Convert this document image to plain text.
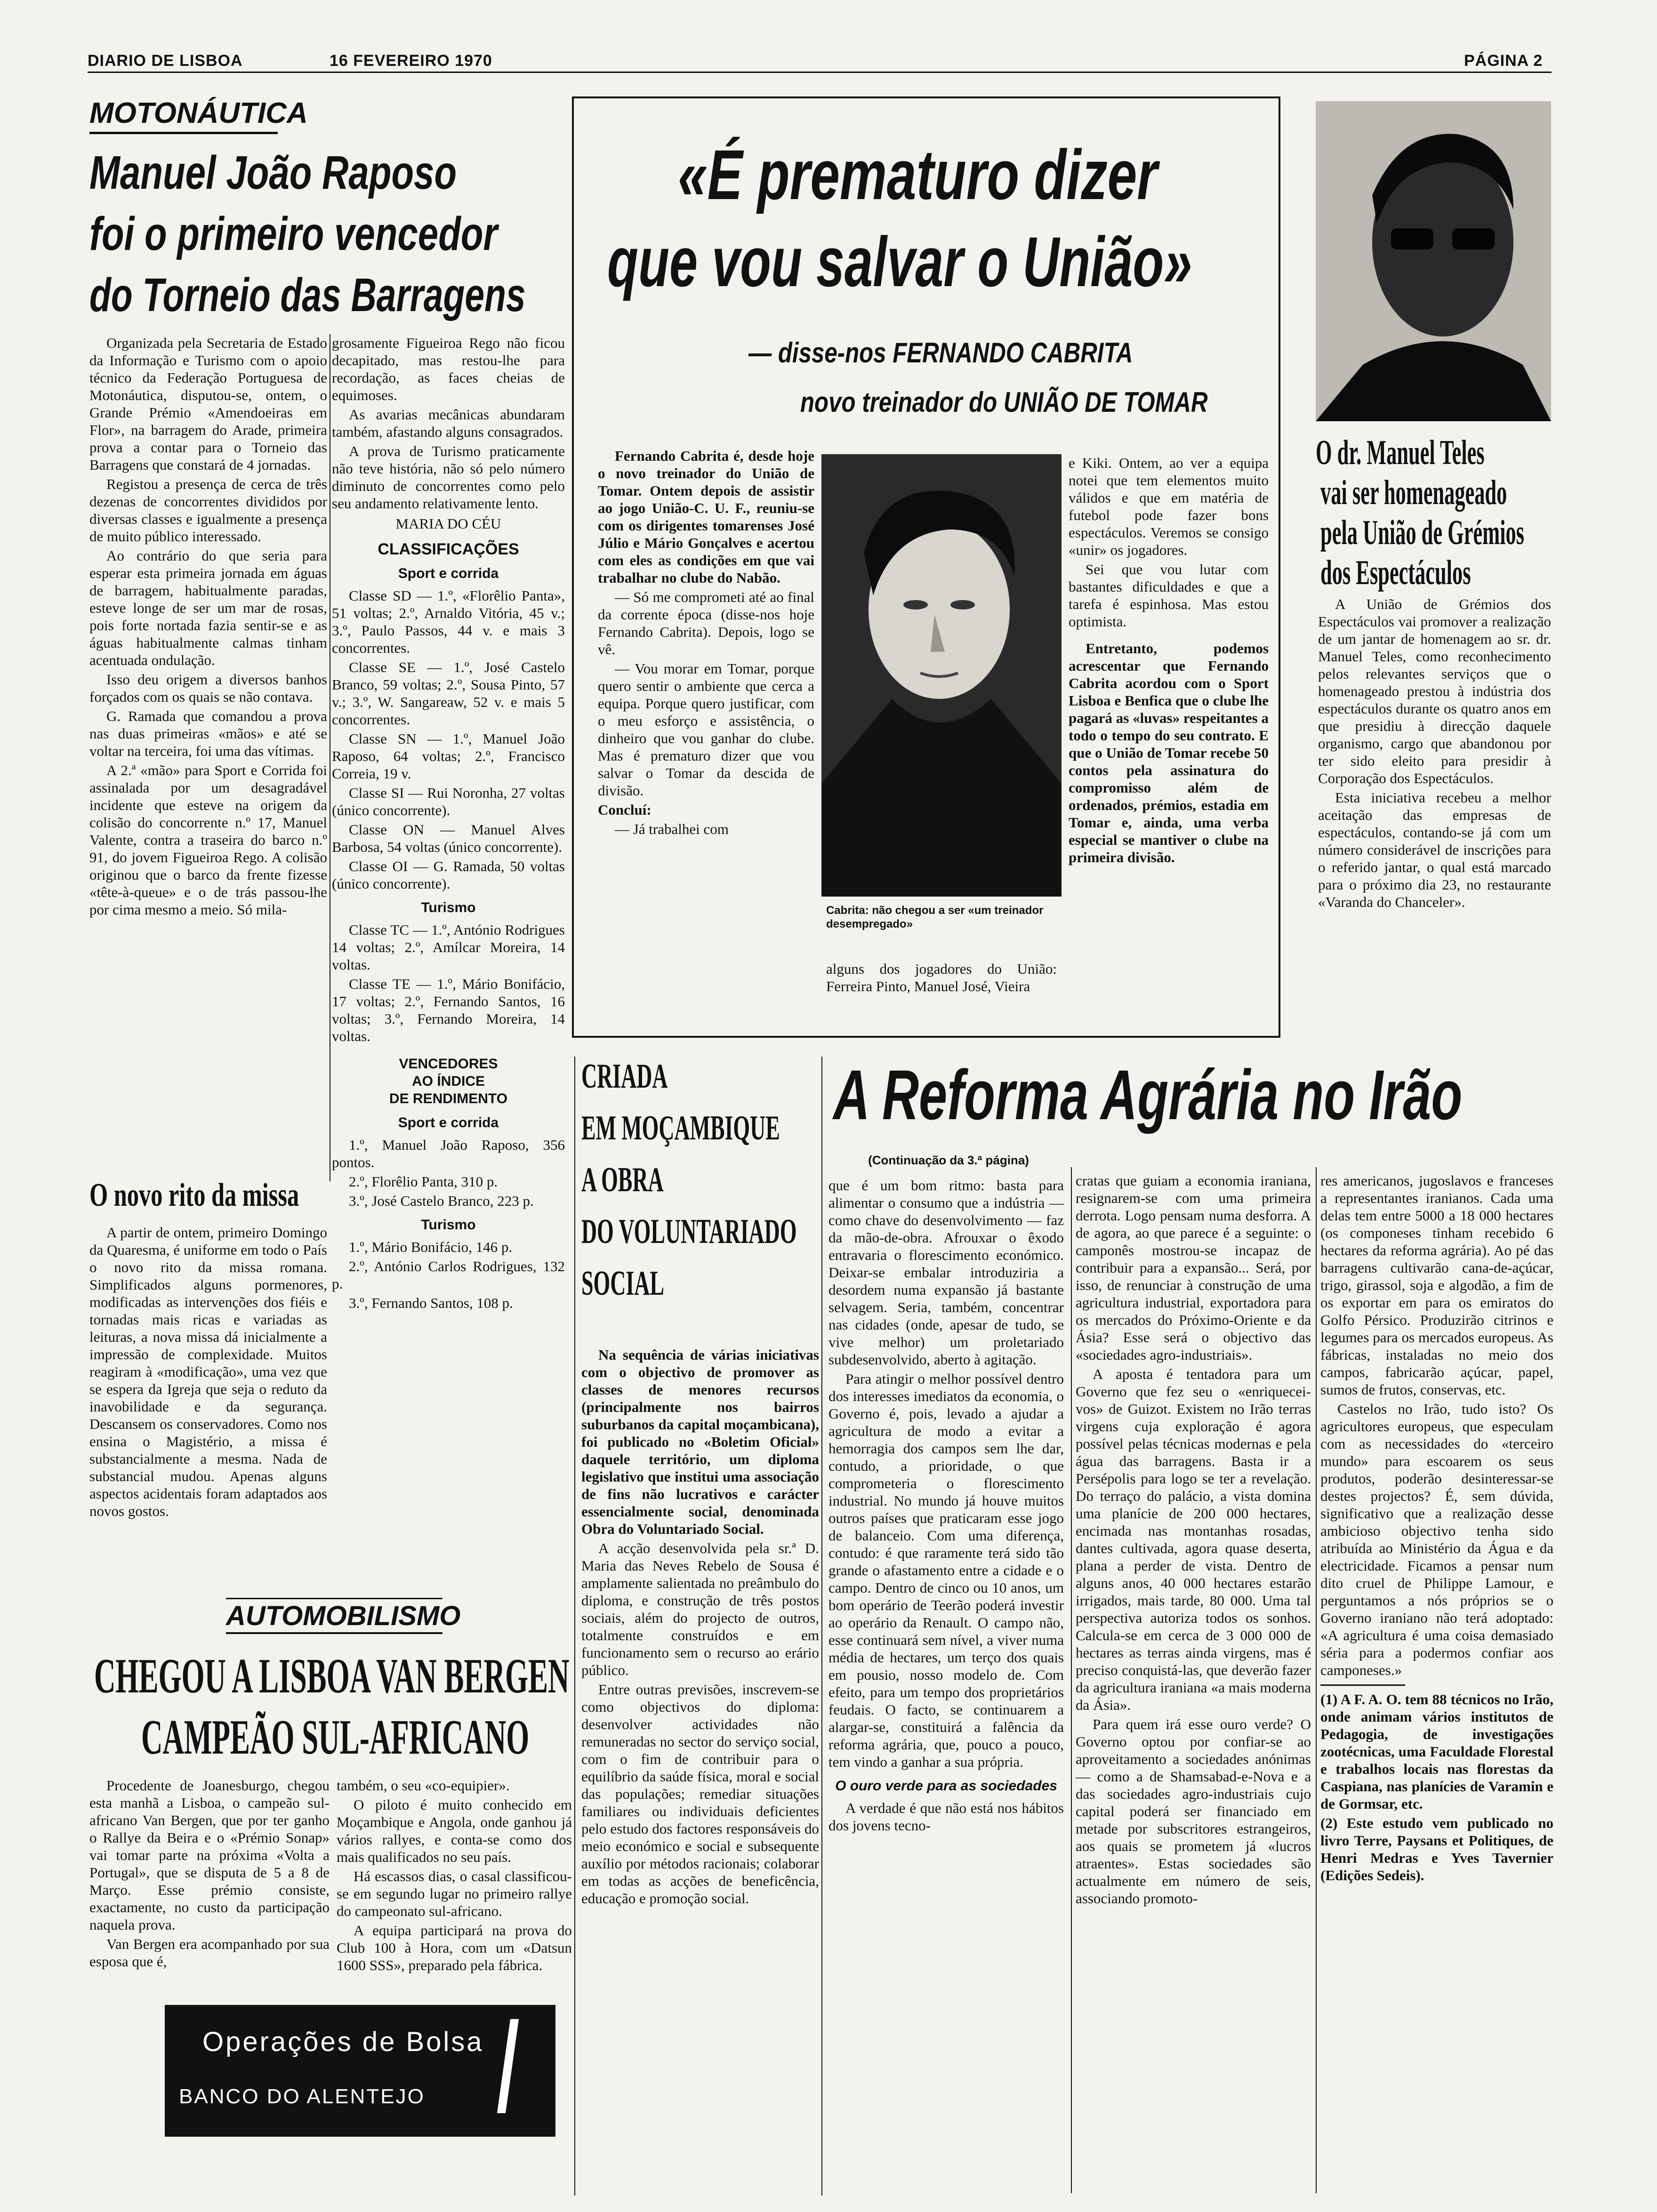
DIARIO DE LISBOA	16 FEVEREIRO 1970	PÁGINA 2
MOTONÁUTICA
Manuel João Raposo
foi o primeiro vencedor
do Torneio das Barragens

Organizada pela Secretaria de Estado da Informação e Turismo com o apoio técnico da Federação Portuguesa de Motonáutica, disputou-se, ontem, o Grande Prémio «Amendoeiras em Flor», na barragem do Arade, primeira prova a contar para o Torneio das Barragens que constará de 4 jornadas.

Registou a presença de cerca de três dezenas de concorrentes divididos por diversas classes e igualmente a presença de muito público interessado.

Ao contrário do que seria para esperar esta primeira jornada em águas de barragem, habitualmente paradas, esteve longe de ser um mar de rosas, pois forte nortada fazia sentir-se e as águas habitualmente calmas tinham acentuada ondulação.

Isso deu origem a diversos banhos forçados com os quais se não contava.

G. Ramada que comandou a prova nas duas primeiras «mãos» e até se voltar na terceira, foi uma das vítimas.

A 2.ª «mão» para Sport e Corrida foi assinalada por um desagradável incidente que esteve na origem da colisão do concorrente n.º 17, Manuel Valente, contra a traseira do barco n.º 91, do jovem Figueiroa Rego. A colisão originou que o barco da frente fizesse «tête-à-queue» e o de trás passou-lhe por cima mesmo a meio. Só mila-

grosamente Figueiroa Rego não ficou decapitado, mas restou-lhe para recordação, as faces cheias de equimoses.

As avarias mecânicas abundaram também, afastando alguns consagrados.

A prova de Turismo praticamente não teve história, não só pelo número diminuto de concorrentes como pelo seu andamento relativamente lento.

MARIA DO CÉU

CLASSIFICAÇÕES
Sport e corrida

Classe SD — 1.º, «Florêlio Panta», 51 voltas; 2.º, Arnaldo Vitória, 45 v.; 3.º, Paulo Passos, 44 v. e mais 3 concorrentes.

Classe SE — 1.º, José Castelo Branco, 59 voltas; 2.º, Sousa Pinto, 57 v.; 3.º, W. Sangareaw, 52 v. e mais 5 concorrentes.

Classe SN — 1.º, Manuel João Raposo, 64 voltas; 2.º, Francisco Correia, 19 v.

Classe SI — Rui Noronha, 27 voltas (único concorrente).

Classe ON — Manuel Alves Barbosa, 54 voltas (único concorrente).

Classe OI — G. Ramada, 50 voltas (único concorrente).

Turismo

Classe TC — 1.º, António Rodrigues 14 voltas; 2.º, Amílcar Moreira, 14 voltas.

Classe TE — 1.º, Mário Bonifácio, 17 voltas; 2.º, Fernando Santos, 16 voltas; 3.º, Fernando Moreira, 14 voltas.

VENCEDORES
AO ÍNDICE
DE RENDIMENTO
Sport e corrida

1.º, Manuel João Raposo, 356 pontos.

2.º, Florêlio Panta, 310 p.

3.º, José Castelo Branco, 223 p.

Turismo

1.º, Mário Bonifácio, 146 p.

2.º, António Carlos Rodrigues, 132 p.

3.º, Fernando Santos, 108 p.

O novo rito da missa

A partir de ontem, primeiro Domingo da Quaresma, é uniforme em todo o País o novo rito da missa romana. Simplificados alguns pormenores, modificadas as intervenções dos fiéis e tornadas mais ricas e variadas as leituras, a nova missa dá inicialmente a impressão de complexidade. Muitos reagiram à «modificação», uma vez que se espera da Igreja que seja o reduto da inavobilidade e da segurança. Descansem os conservadores. Como nos ensina o Magistério, a missa é substancialmente a mesma. Nada de substancial mudou. Apenas alguns aspectos acidentais foram adaptados aos novos gostos.

AUTOMOBILISMO
CHEGOU A LISBOA VAN BERGEN
CAMPEÃO SUL-AFRICANO

Procedente de Joanesburgo, chegou esta manhã a Lisboa, o campeão sul-africano Van Bergen, que por ter ganho o Rallye da Beira e o «Prémio Sonap» vai tomar parte na próxima «Volta a Portugal», que se disputa de 5 a 8 de Março. Esse prémio consiste, exactamente, no custo da participação naquela prova.

Van Bergen era acompanhado por sua esposa que é,

também, o seu «co-equipier».

O piloto é muito conhecido em Moçambique e Angola, onde ganhou já vários rallyes, e conta-se como dos mais qualificados no seu país.

Há escassos dias, o casal classificou-se em segundo lugar no primeiro rallye do campeonato sul-africano.

A equipa participará na prova do Club 100 à Hora, com um «Datsun 1600 SSS», preparado pela fábrica.

Operações de Bolsa
BANCO DO ALENTEJO
«É prematuro dizer
que vou salvar o União»
— disse-nos FERNANDO CABRITA
novo treinador do UNIÃO DE TOMAR

Fernando Cabrita é, desde hoje o novo treinador do União de Tomar. Ontem depois de assistir ao jogo União-C. U. F., reuniu-se com os dirigentes tomarenses José Júlio e Mário Gonçalves e acertou com eles as condições em que vai trabalhar no clube do Nabão.

— Só me comprometi até ao final da corrente época (disse-nos hoje Fernando Cabrita). Depois, logo se vê.

— Vou morar em Tomar, porque quero sentir o ambiente que cerca a equipa. Porque quero justificar, com o meu esforço e assistência, o dinheiro que vou ganhar do clube. Mas é prematuro dizer que vou salvar o Tomar da descida de divisão.

Concluí:

— Já trabalhei com

Cabrita: não chegou a ser «um treinador desempregado»

alguns dos jogadores do União: Ferreira Pinto, Manuel José, Vieira

e Kiki. Ontem, ao ver a equipa notei que tem elementos muito válidos e que em matéria de futebol pode fazer bons espectáculos. Veremos se consigo «unir» os jogadores.

Sei que vou lutar com bastantes dificuldades e que a tarefa é espinhosa. Mas estou optimista.

Entretanto, podemos acrescentar que Fernando Cabrita acordou com o Sport Lisboa e Benfica que o clube lhe pagará as «luvas» respeitantes a todo o tempo do seu contrato. E que o União de Tomar recebe 50 contos pela assinatura do compromisso além de ordenados, prémios, estadia em Tomar e, ainda, uma verba especial se mantiver o clube na primeira divisão.

O dr. Manuel Teles
vai ser homenageado
pela União de Grémios
dos Espectáculos

A União de Grémios dos Espectáculos vai promover a realização de um jantar de homenagem ao sr. dr. Manuel Teles, como reconhecimento pelos relevantes serviços que o homenageado prestou à indústria dos espectáculos durante os quatro anos em que presidiu à direcção daquele organismo, cargo que abandonou por ter sido eleito para presidir à Corporação dos Espectáculos.

Esta iniciativa recebeu a melhor aceitação das empresas de espectáculos, contando-se já com um número considerável de inscrições para o referido jantar, o qual está marcado para o próximo dia 23, no restaurante «Varanda do Chanceler».

CRIADA
EM MOÇAMBIQUE
A OBRA
DO VOLUNTARIADO
SOCIAL

Na sequência de várias iniciativas com o objectivo de promover as classes de menores recursos (principalmente nos bairros suburbanos da capital moçambicana), foi publicado no «Boletim Oficial» daquele território, um diploma legislativo que institui uma associação de fins não lucrativos e carácter essencialmente social, denominada Obra do Voluntariado Social.

A acção desenvolvida pela sr.ª D. Maria das Neves Rebelo de Sousa é amplamente salientada no preâmbulo do diploma, e construção de três postos sociais, além do projecto de outros, totalmente construídos e em funcionamento sem o recurso ao erário público.

Entre outras previsões, inscrevem-se como objectivos do diploma: desenvolver actividades não remuneradas no sector do serviço social, com o fim de contribuir para o equilíbrio da saúde física, moral e social das populações; remediar situações familiares ou individuais deficientes pelo estudo dos factores responsáveis do meio económico e social e subsequente auxílio por métodos racionais; colaborar em todas as acções de beneficência, educação e promoção social.

A Reforma Agrária no Irão
(Continuação da 3.ª página)

que é um bom ritmo: basta para alimentar o consumo que a indústria — como chave do desenvolvimento — faz da mão-de-obra. Afrouxar o êxodo entravaria o florescimento económico. Deixar-se embalar introduziria a desordem numa expansão já bastante selvagem. Seria, também, concentrar nas cidades (onde, apesar de tudo, se vive melhor) um proletariado subdesenvolvido, aberto à agitação.

Para atingir o melhor possível dentro dos interesses imediatos da economia, o Governo é, pois, levado a ajudar a agricultura de modo a evitar a hemorragia dos campos sem lhe dar, contudo, a prioridade, o que comprometeria o florescimento industrial. No mundo já houve muitos outros países que praticaram esse jogo de balanceio. Com uma diferença, contudo: é que raramente terá sido tão grande o afastamento entre a cidade e o campo. Dentro de cinco ou 10 anos, um bom operário de Teerão poderá investir ao operário da Renault. O campo não, esse continuará sem nível, a viver numa média de hectares, um terço dos quais em pousio, nosso modelo de. Com efeito, para um tempo dos proprietários feudais. O facto, se continuarem a alargar-se, constituirá a falência da reforma agrária, que, pouco a pouco, tem vindo a ganhar a sua própria.

O ouro verde para as sociedades

A verdade é que não está nos hábitos dos jovens tecno-

cratas que guiam a economia iraniana, resignarem-se com uma primeira derrota. Logo pensam numa desforra. A de agora, ao que parece é a seguinte: o camponês mostrou-se incapaz de contribuir para a expansão... Será, por isso, de renunciar à construção de uma agricultura industrial, exportadora para os mercados do Próximo-Oriente e da Ásia? Esse será o objectivo das «sociedades agro-industriais».

A aposta é tentadora para um Governo que fez seu o «enriquecei-vos» de Guizot. Existem no Irão terras virgens cuja exploração é agora possível pelas técnicas modernas e pela água das barragens. Basta ir a Persépolis para logo se ter a revelação. Do terraço do palácio, a vista domina uma planície de 200 000 hectares, encimada nas montanhas rosadas, dantes cultivada, agora quase deserta, plana a perder de vista. Dentro de alguns anos, 40 000 hectares estarão irrigados, mais tarde, 80 000. Uma tal perspectiva autoriza todos os sonhos. Calcula-se em cerca de 3 000 000 de hectares as terras ainda virgens, mas é preciso conquistá-las, que deverão fazer da agricultura iraniana «a mais moderna da Ásia».

Para quem irá esse ouro verde? O Governo optou por confiar-se ao aproveitamento a sociedades anónimas — como a de Shamsabad-e-Nova e a das sociedades agro-industriais cujo capital poderá ser financiado em metade por subscritores estrangeiros, aos quais se prometem já «lucros atraentes». Estas sociedades são actualmente em número de seis, associando promoto-

res americanos, jugoslavos e franceses a representantes iranianos. Cada uma delas tem entre 5000 a 18 000 hectares (os componeses tinham recebido 6 hectares da reforma agrária). Ao pé das barragens cultivarão cana-de-açúcar, trigo, girassol, soja e algodão, a fim de os exportar em para os emiratos do Golfo Pérsico. Produzirão citrinos e legumes para os mercados europeus. As fábricas, instaladas no meio dos campos, fabricarão açúcar, papel, sumos de frutos, conservas, etc.

Castelos no Irão, tudo isto? Os agricultores europeus, que especulam com as necessidades do «terceiro mundo» para escoarem os seus produtos, poderão desinteressar-se destes projectos? É, sem dúvida, significativo que a realização desse ambicioso objectivo tenha sido atribuída ao Ministério da Água e da electricidade. Ficamos a pensar num dito cruel de Philippe Lamour, e perguntamos a nós próprios se o Governo iraniano não terá adoptado: «A agricultura é uma coisa demasiado séria para a podermos confiar aos camponeses.»

(1) A F. A. O. tem 88 técnicos no Irão, onde animam vários institutos de Pedagogia, de investigações zootécnicas, uma Faculdade Florestal e trabalhos locais nas florestas da Caspiana, nas planícies de Varamin e de Gormsar, etc.

(2) Este estudo vem publicado no livro Terre, Paysans et Politiques, de Henri Medras e Yves Tavernier (Edições Sedeis).
